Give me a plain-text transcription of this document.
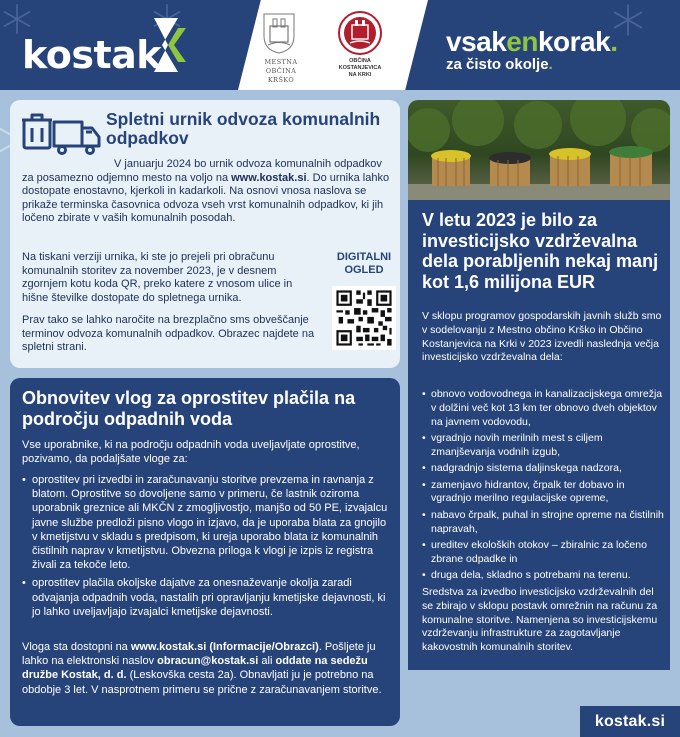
kostak	MESTNA
OBČINA KRŠKO
OBČINA
KOSTANJEVICA
NA KRKI
vsakenkorak.
za čisto okolje.
Spletni urnik odvoza komunalnih odpadkov
V januarju 2024 bo urnik odvoza komunalnih odpadkov za posamezno odjemno mesto na voljo na www.kostak.si. Do urnika lahko dostopate enostavno, kjerkoli in kadarkoli. Na osnovi vnosa naslova se prikaže terminska časovnica odvoza vseh vrst komunalnih odpadkov, ki jih ločeno zbirate v vaših komunalnih posodah.
Na tiskani verziji urnika, ki ste jo prejeli pri obračunu komunalnih storitev za november 2023, je v desnem zgornjem kotu koda QR, preko katere z vnosom ulice in hišne številke dostopate do spletnega urnika.
Prav tako se lahko naročite na brezplačno sms obveščanje terminov odvoza komunalnih odpadkov. Obrazec najdete na spletni strani.
DIGITALNI
OGLED
Obnovitev vlog za oprostitev plačila na področju odpadnih voda
Vse uporabnike, ki na področju odpadnih voda uveljavljate oprostitve, pozivamo, da podaljšate vloge za:
• oprostitev pri izvedbi in zaračunavanju storitve prevzema in ravnanja z blatom. Oprostitve so dovoljene samo v primeru, če lastnik oziroma uporabnik greznice ali MKČN z zmogljivostjo, manjšo od 50 PE, izvajalcu javne službe predloži pisno vlogo in izjavo, da je uporaba blata za gnojilo v kmetijstvu v skladu s predpisom, ki ureja uporabo blata iz komunalnih čistilnih naprav v kmetijstvu. Obvezna priloga k vlogi je izpis iz registra živali za tekoče leto.
• oprostitev plačila okoljske dajatve za onesnaževanje okolja zaradi odvajanja odpadnih voda, nastalih pri opravljanju kmetijske dejavnosti, ki jo lahko uveljavljajo izvajalci kmetijske dejavnosti.
Vloga sta dostopni na www.kostak.si (Informacije/Obrazci). Pošljete ju lahko na elektronski naslov obracun@kostak.si ali oddate na sedežu družbe Kostak, d. d. (Leskovška cesta 2a). Obnavljati ju je potrebno na obdobje 3 let. V nasprotnem primeru se pričnе z zaračunavanjem storitve.
V letu 2023 je bilo za investicijsko vzdrževalna dela porabljenih nekaj manj kot 1,6 milijona EUR
V sklopu programov gospodarskih javnih služb smo v sodelovanju z Mestno občino Krško in Občino Kostanjevica na Krki v 2023 izvedli naslednja večja investicijsko vzdrževalna dela:
• obnovo vodovodnega in kanalizacijskega omrežja v dolžini več kot 13 km ter obnovo dveh objektov na javnem vodovodu,
• vgradnjo novih merilnih mest s ciljem zmanjševanja vodnih izgub,
• nadgradnjo sistema daljinskega nadzora,
• zamenjavo hidrantov, črpalk ter dobavo in vgradnjo merilno regulacijske opreme,
• nabavo črpalk, puhal in strojne opreme na čistilnih napravah,
• ureditev ekoloških otokov – zbiralnic za ločeno zbrane odpadke in
• druga dela, skladno s potrebami na terenu.
Sredstva za izvedbo investicijsko vzdrževalnih del se zbirajo v sklopu postavk omrežnin na računu za komunalne storitve. Namenjena so investicijskemu vzdrževanju infrastrukture za zagotavljanje kakovostnih komunalnih storitev.
kostak.si
